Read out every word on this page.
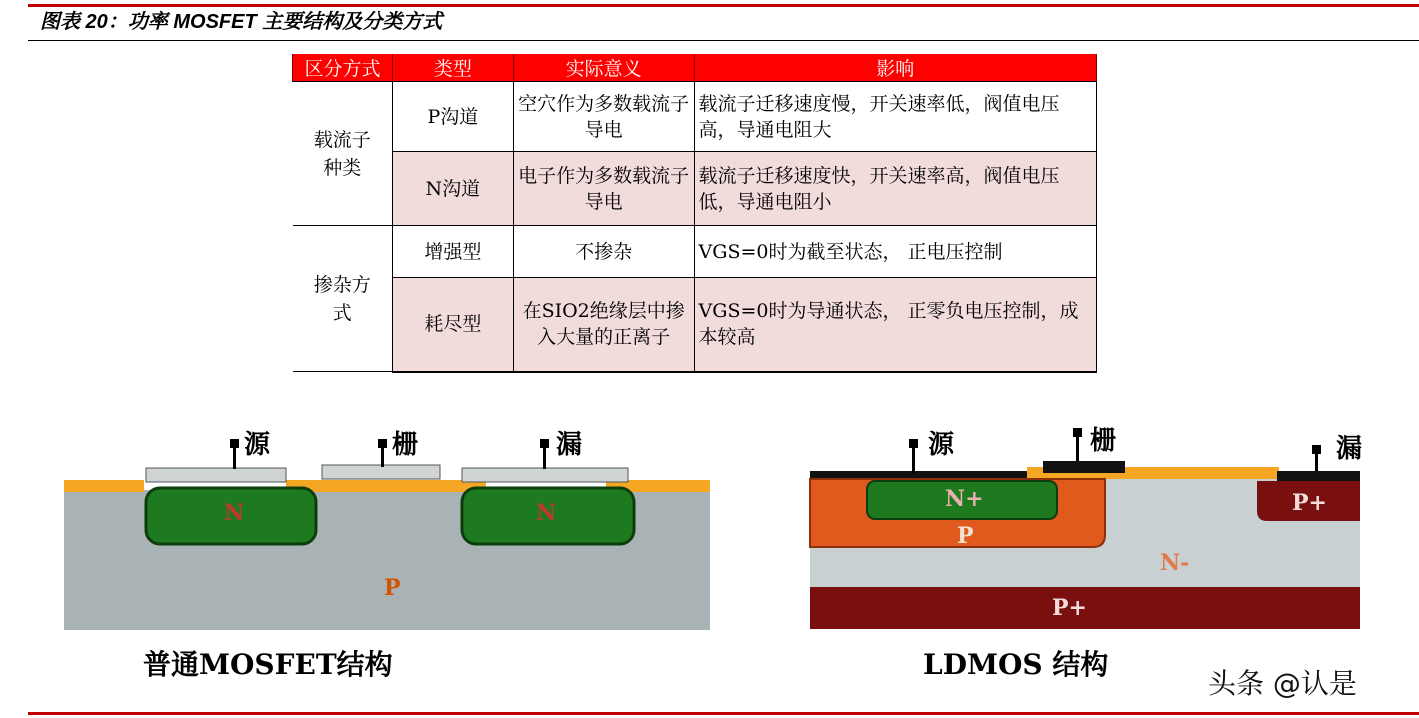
图表 20：功率 MOSFET 主要结构及分类方式
区分方式	类型	实际意义	影响
载流子种类	P沟道	空穴作为多数载流子导电	载流子迁移速度慢，开关速率低，阀值电压高，导通电阻大
	N沟道	电子作为多数载流子导电	载流子迁移速度快，开关速率高，阀值电压低，导通电阻小
掺杂方式	增强型	不掺杂	VGS=0时为截至状态， 正电压控制
	耗尽型	在SIO2绝缘层中掺入大量的正离子	VGS=0时为导通状态， 正零负电压控制，成本较高
源	栅	漏
N	N
P
普通MOSFET结构
源	栅	漏
N+
P
P+
N-
P+
LDMOS 结构
头条 @认是
